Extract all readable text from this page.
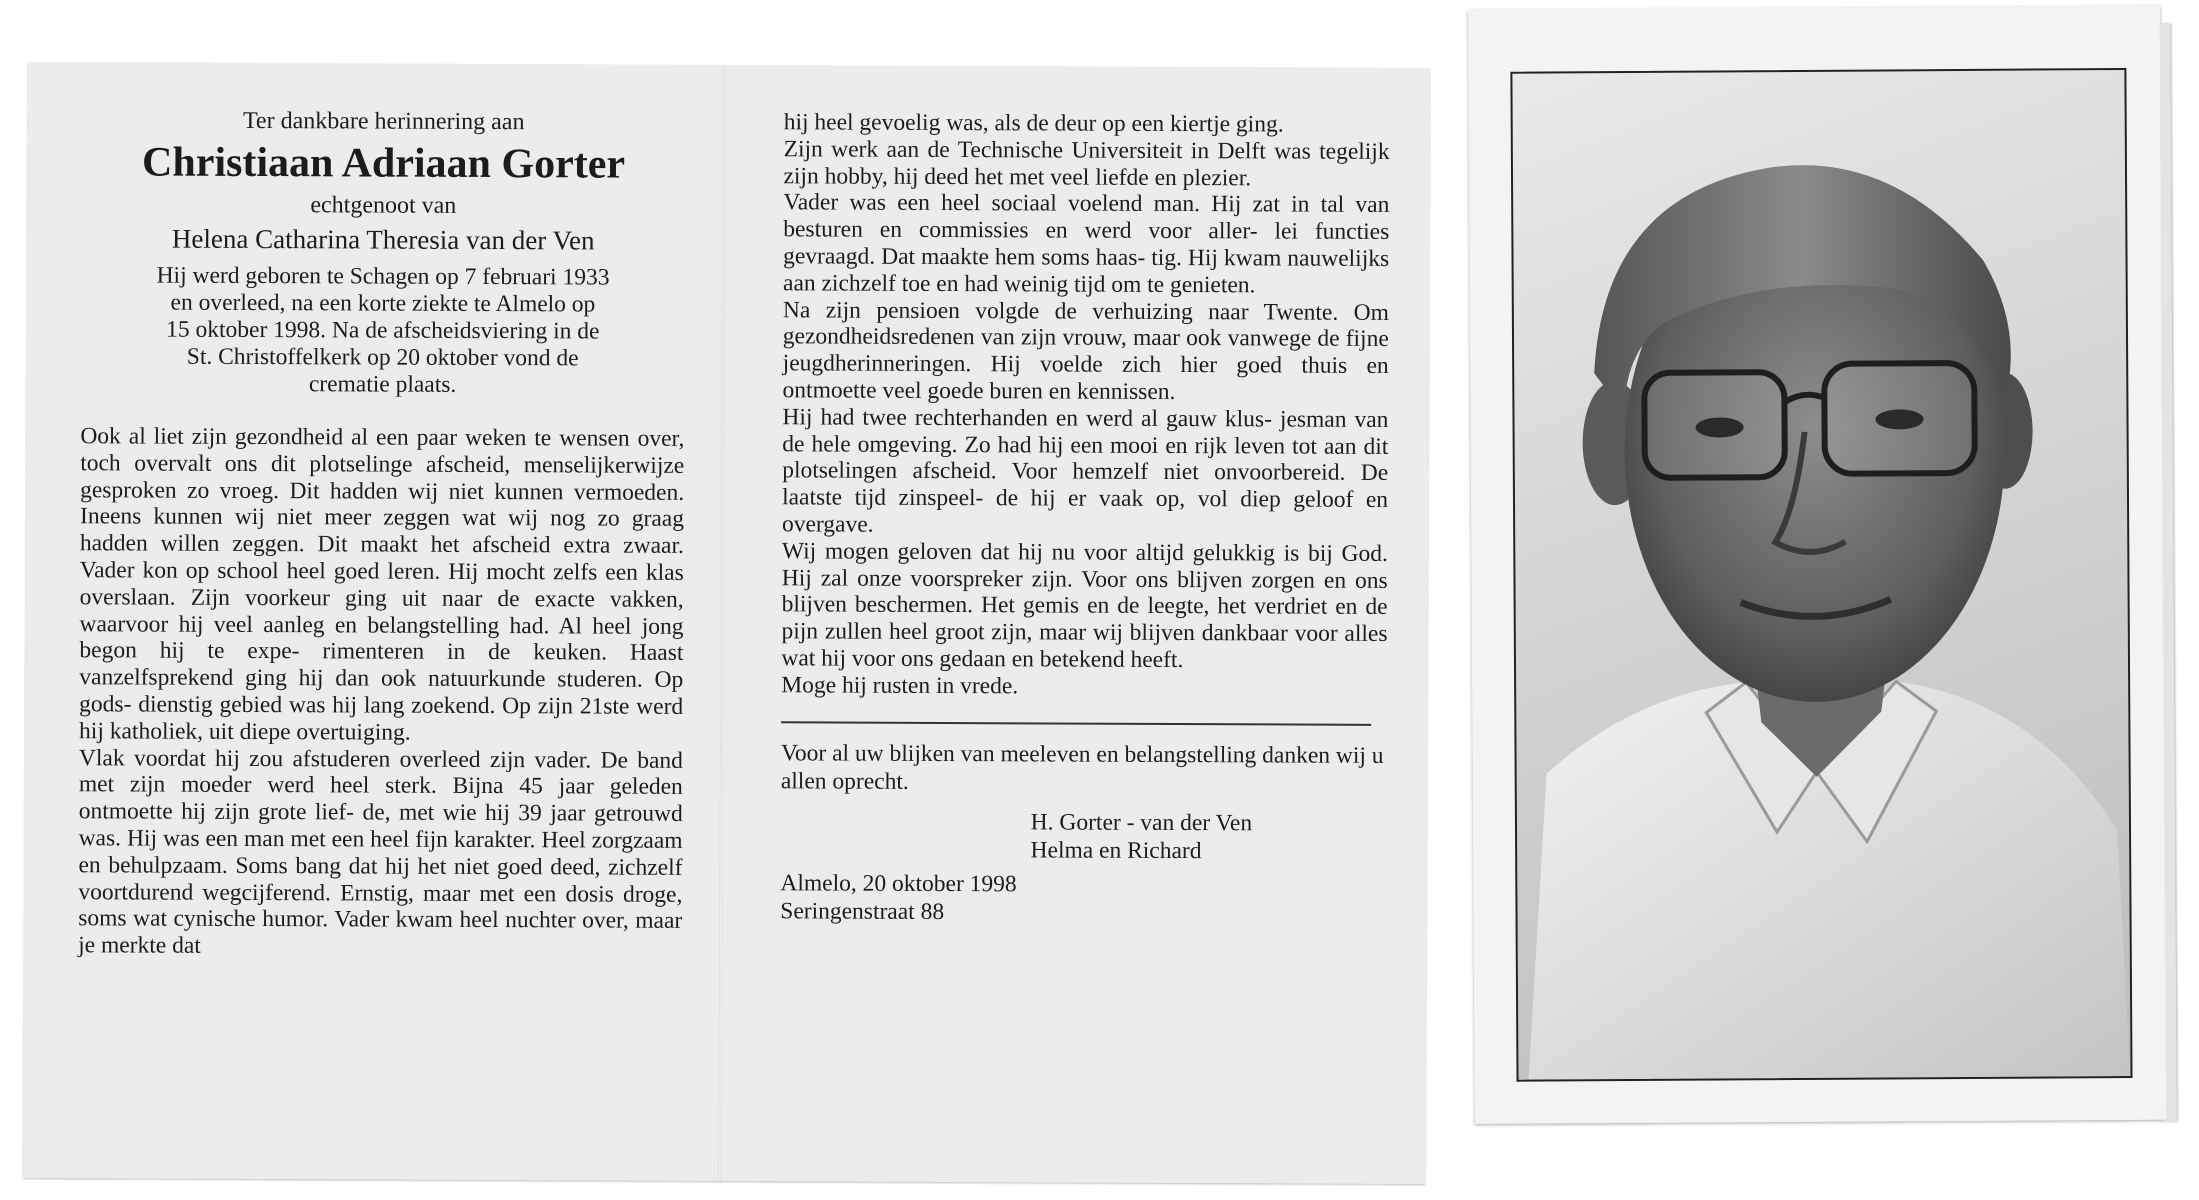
Ter dankbare herinnering aan
Christiaan Adriaan Gorter
echtgenoot van
Helena Catharina Theresia van der Ven
Hij werd geboren te Schagen op 7 februari 1933
en overleed, na een korte ziekte te Almelo op
15 oktober 1998. Na de afscheidsviering in de
St. Christoffelkerk op 20 oktober vond de
crematie plaats.

Ook al liet zijn gezondheid al een paar weken te wensen over, toch overvalt ons dit plotselinge afscheid, menselijkerwijze gesproken zo vroeg. Dit hadden wij niet kunnen vermoeden. Ineens kunnen wij niet meer zeggen wat wij nog zo graag hadden willen zeggen. Dit maakt het afscheid extra zwaar. Vader kon op school heel goed leren. Hij mocht zelfs een klas overslaan. Zijn voorkeur ging uit naar de exacte vakken, waarvoor hij veel aanleg en belangstelling had. Al heel jong begon hij te expe- rimenteren in de keuken. Haast vanzelfsprekend ging hij dan ook natuurkunde studeren. Op gods- dienstig gebied was hij lang zoekend. Op zijn 21ste werd hij katholiek, uit diepe overtuiging.

Vlak voordat hij zou afstuderen overleed zijn vader. De band met zijn moeder werd heel sterk. Bijna 45 jaar geleden ontmoette hij zijn grote lief- de, met wie hij 39 jaar getrouwd was. Hij was een man met een heel fijn karakter. Heel zorgzaam en behulpzaam. Soms bang dat hij het niet goed deed, zichzelf voortdurend wegcijferend. Ernstig, maar met een dosis droge, soms wat cynische humor. Vader kwam heel nuchter over, maar je merkte dat

hij heel gevoelig was, als de deur op een kiertje ging.

Zijn werk aan de Technische Universiteit in Delft was tegelijk zijn hobby, hij deed het met veel liefde en plezier.

Vader was een heel sociaal voelend man. Hij zat in tal van besturen en commissies en werd voor aller- lei functies gevraagd. Dat maakte hem soms haas- tig. Hij kwam nauwelijks aan zichzelf toe en had weinig tijd om te genieten.

Na zijn pensioen volgde de verhuizing naar Twente. Om gezondheidsredenen van zijn vrouw, maar ook vanwege de fijne jeugdherinneringen. Hij voelde zich hier goed thuis en ontmoette veel goede buren en kennissen.

Hij had twee rechterhanden en werd al gauw klus- jesman van de hele omgeving. Zo had hij een mooi en rijk leven tot aan dit plotselingen afscheid. Voor hemzelf niet onvoorbereid. De laatste tijd zinspeel- de hij er vaak op, vol diep geloof en overgave.

Wij mogen geloven dat hij nu voor altijd gelukkig is bij God. Hij zal onze voorspreker zijn. Voor ons blijven zorgen en ons blijven beschermen. Het gemis en de leegte, het verdriet en de pijn zullen heel groot zijn, maar wij blijven dankbaar voor alles wat hij voor ons gedaan en betekend heeft.

Moge hij rusten in vrede.

Voor al uw blijken van meeleven en belangstelling danken wij u allen oprecht.
H. Gorter - van der Ven
Helma en Richard
Almelo, 20 oktober 1998
Seringenstraat 88
